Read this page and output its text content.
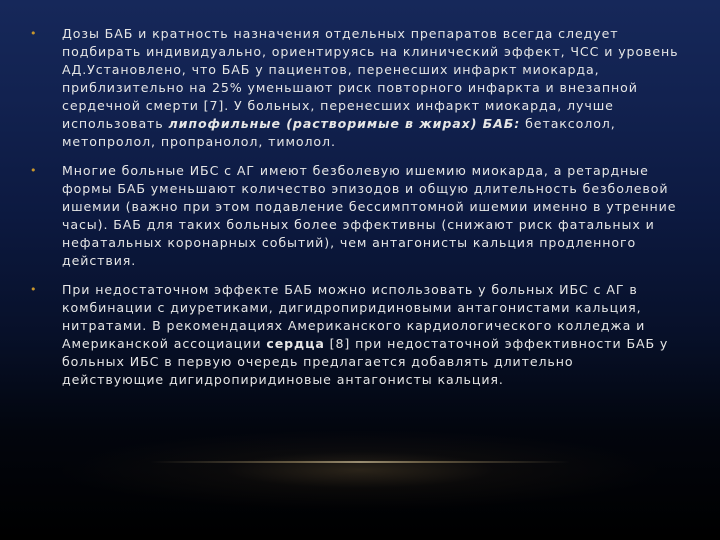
• Дозы БАБ и кратность назначения отдельных препаратов всегда следует подбирать индивидуально, ориентируясь на клинический эффект, ЧСС и уровень АД.Установлено, что БАБ у пациентов, перенесших инфаркт миокарда, приблизительно на 25% уменьшают риск повторного инфаркта и внезапной сердечной смерти [7]. У больных, перенесших инфаркт миокарда, лучше использовать липофильные (растворимые в жирах) БАБ: бетаксолол, метопролол, пропранолол, тимолол.
• Многие больные ИБС с АГ имеют безболевую ишемию миокарда, а ретардные формы БАБ уменьшают количество эпизодов и общую длительность безболевой ишемии (важно при этом подавление бессимптомной ишемии именно в утренние часы). БАБ для таких больных более эффективны (снижают риск фатальных и нефатальных коронарных событий), чем антагонисты кальция продленного действия.
• При недостаточном эффекте БАБ можно использовать у больных ИБС с АГ в комбинации с диуретиками, дигидропиридиновыми антагонистами кальция, нитратами. В рекомендациях Американского кардиологического колледжа и Американской ассоциации сердца [8] при недостаточной эффективности БАБ у больных ИБС в первую очередь предлагается добавлять длительно действующие дигидропиридиновые антагонисты кальция.
